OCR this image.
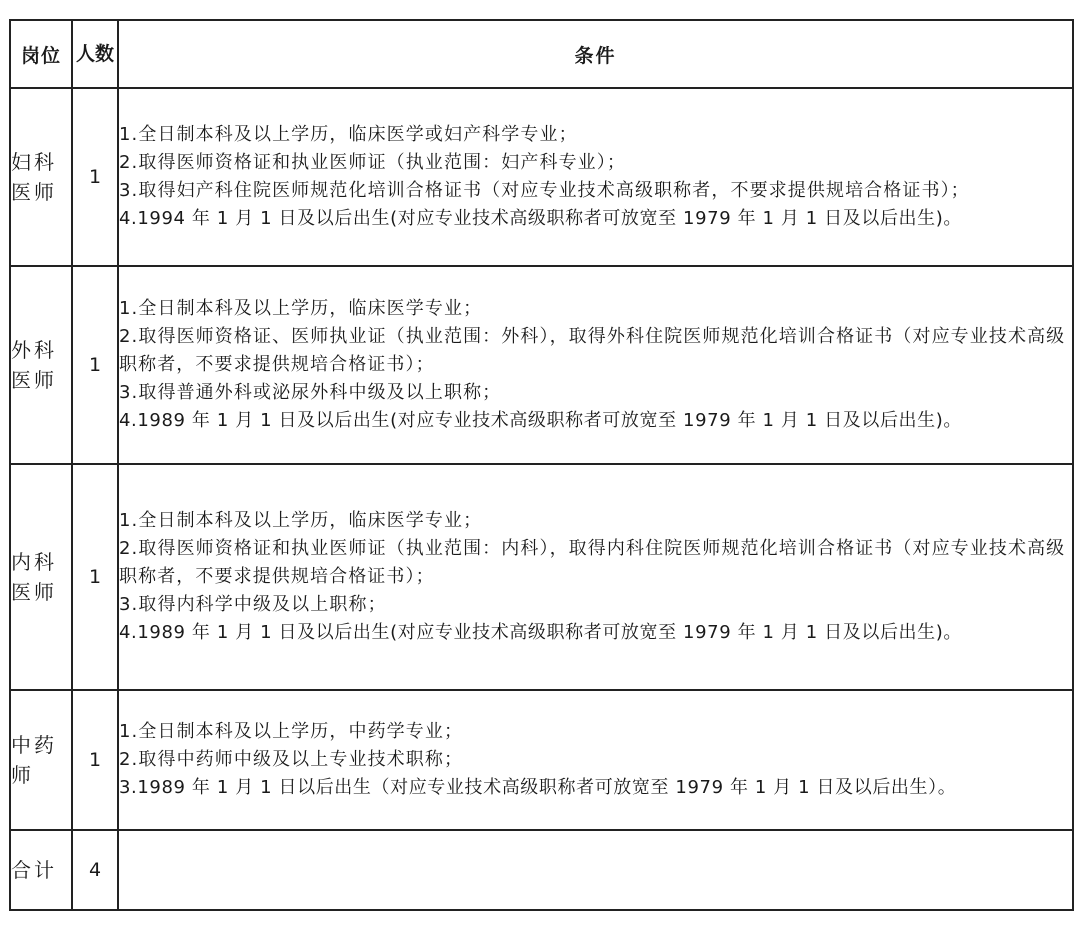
岗位	人数	条件
妇科医师	1	1.全日制本科及以上学历，临床医学或妇产科学专业；
2.取得医师资格证和执业医师证（执业范围：妇产科专业）；
3.取得妇产科住院医师规范化培训合格证书（对应专业技术高级职称者，不要求提供规培合格证书）；
4.1994 年 1 月 1 日及以后出生(对应专业技术高级职称者可放宽至 1979 年 1 月 1 日及以后出生)。

外科医师	1	1.全日制本科及以上学历，临床医学专业；
2.取得医师资格证、医师执业证（执业范围：外科），取得外科住院医师规范化培训合格证书（对应专业技术高级职称者，不要求提供规培合格证书）；
3.取得普通外科或泌尿外科中级及以上职称；
4.1989 年 1 月 1 日及以后出生(对应专业技术高级职称者可放宽至 1979 年 1 月 1 日及以后出生)。

内科医师	1	1.全日制本科及以上学历，临床医学专业；
2.取得医师资格证和执业医师证（执业范围：内科），取得内科住院医师规范化培训合格证书（对应专业技术高级职称者，不要求提供规培合格证书）；
3.取得内科学中级及以上职称；
4.1989 年 1 月 1 日及以后出生(对应专业技术高级职称者可放宽至 1979 年 1 月 1 日及以后出生)。

中药师	1	1.全日制本科及以上学历，中药学专业；
2.取得中药师中级及以上专业技术职称；
3.1989 年 1 月 1 日以后出生（对应专业技术高级职称者可放宽至 1979 年 1 月 1 日及以后出生）。

合计	4	
